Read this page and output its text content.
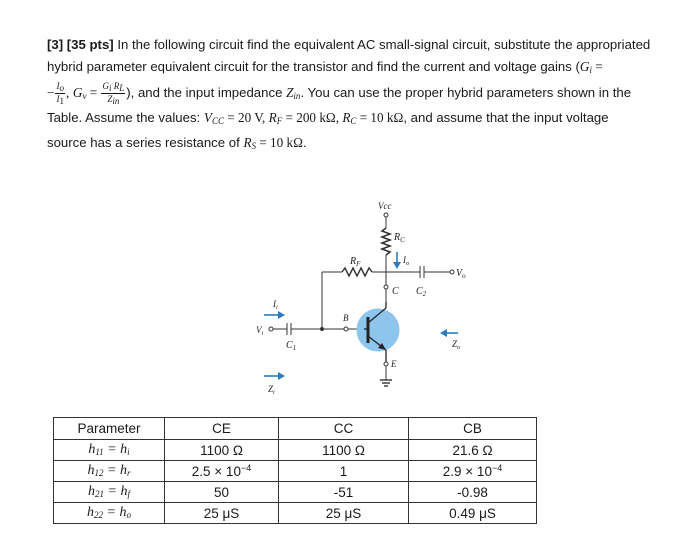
[3] [35 pts] In the following circuit find the equivalent AC small-signal circuit, substitute the appropriated
hybrid parameter equivalent circuit for the transistor and find the current and voltage gains ($G_i$ =
− $\frac{I_o}{I_1}$ , $G_v = \frac{G_i R_L}{Z_{in}}$ ), and the input impedance $Z_{in}$. You can use the proper hybrid parameters shown in the
Table. Assume the values: $V_{CC} = 20$ V, $R_F = 200$ kΩ, $R_C = 10$ kΩ, and assume that the input voltage
source has a series resistance of $R_S = 10$ kΩ.
Vcc
$R_C$
$R_F$	$I_o$
C $C_2$
$V_o$
B
$I_i$
$V_i$
$C_1$	$Z_o$
E
$Z_i$
Parameter	CE	CC	CB
$h_{11} = h_i$	1100 Ω	1100 Ω	21.6 Ω
$h_{12} = h_r$	$2.5 \times 10^{-4}$	1	$2.9 \times 10^{-4}$
$h_{21} = h_f$	50	-51	-0.98
$h_{22} = h_o$	25 μS	25 μS	0.49 μS
